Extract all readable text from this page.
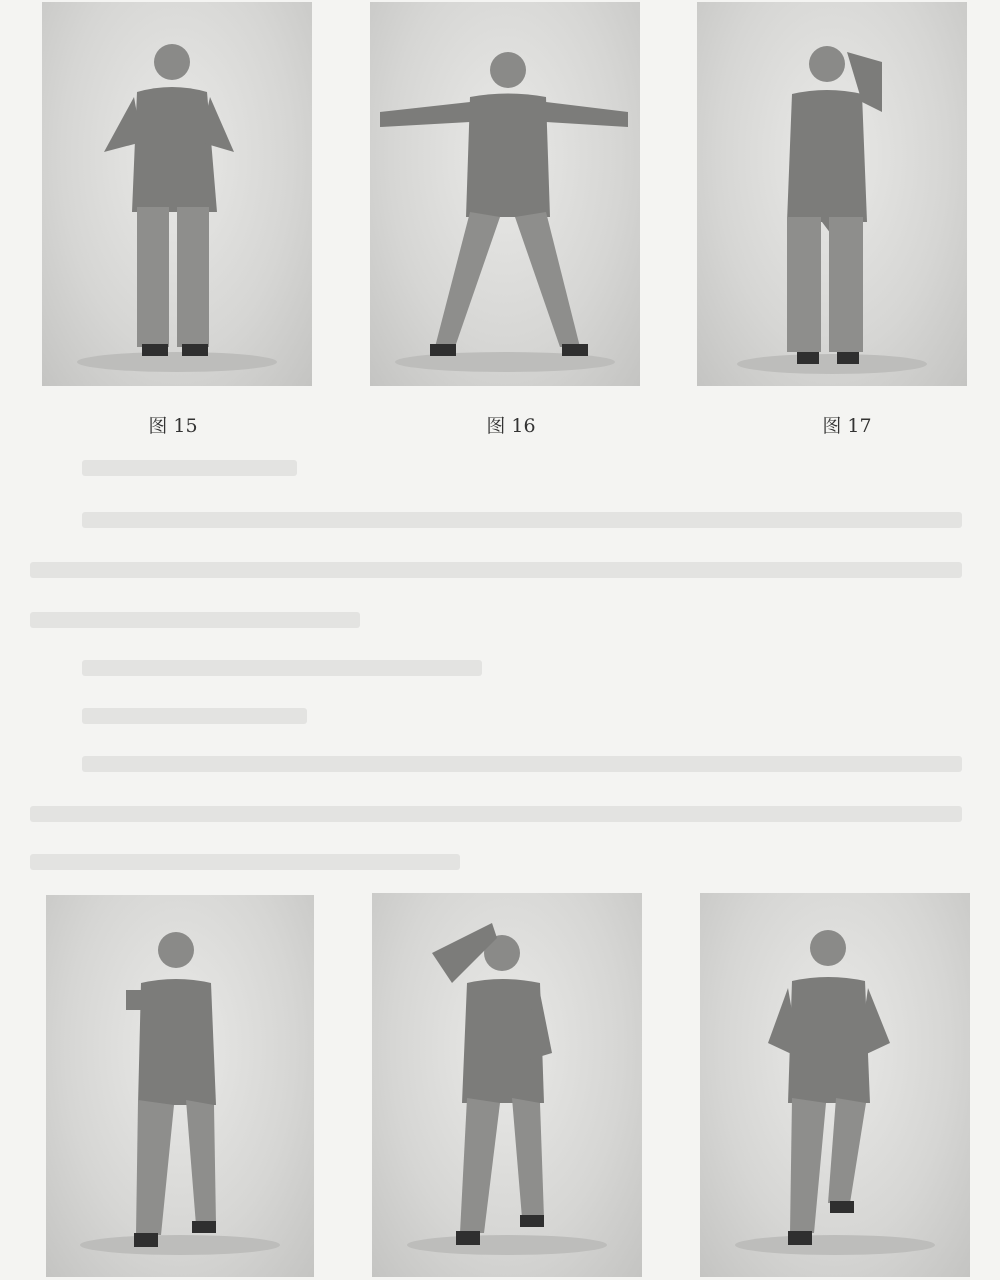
图 15	图 16	图 17
